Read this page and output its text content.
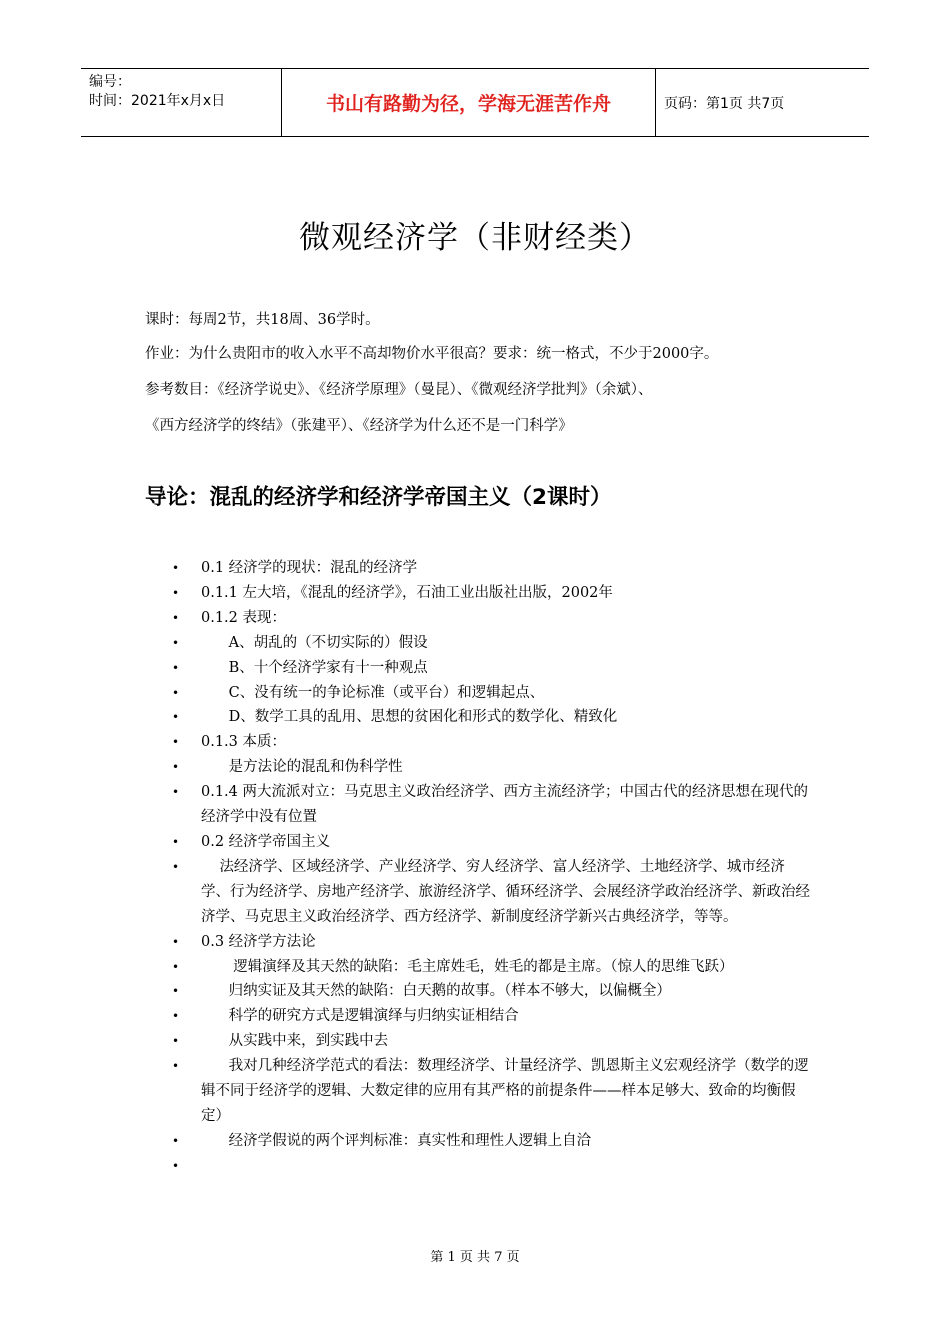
编号：
时间：2021年x月x日	书山有路勤为径，学海无涯苦作舟	页码：第1页 共7页
微观经济学（非财经类）
课时：每周2节，共18周、36学时。
作业：为什么贵阳市的收入水平不高却物价水平很高？要求：统一格式，不少于2000字。
参考数目：《经济学说史》、《经济学原理》（曼昆）、《微观经济学批判》（余斌）、
《西方经济学的终结》（张建平）、《经济学为什么还不是一门科学》
导论：混乱的经济学和经济学帝国主义（2课时）
• 0.1 经济学的现状：混乱的经济学
• 0.1.1 左大培，《混乱的经济学》，石油工业出版社出版，2002年
• 0.1.2 表现：
•       A、胡乱的（不切实际的）假设
•       B、十个经济学家有十一种观点
•       C、没有统一的争论标准（或平台）和逻辑起点、
•       D、数学工具的乱用、思想的贫困化和形式的数学化、精致化
• 0.1.3 本质：
•       是方法论的混乱和伪科学性
• 0.1.4 两大流派对立：马克思主义政治经济学、西方主流经济学；中国古代的经济思想在现代的经济学中没有位置
• 0.2 经济学帝国主义
•     法经济学、区域经济学、产业经济学、穷人经济学、富人经济学、土地经济学、城市经济学、行为经济学、房地产经济学、旅游经济学、循环经济学、会展经济学政治经济学、新政治经济学、马克思主义政治经济学、西方经济学、新制度经济学新兴古典经济学，等等。
• 0.3 经济学方法论
•        逻辑演绎及其天然的缺陷：毛主席姓毛，姓毛的都是主席。（惊人的思维飞跃）
•       归纳实证及其天然的缺陷：白天鹅的故事。（样本不够大，以偏概全）
•       科学的研究方式是逻辑演绎与归纳实证相结合
•       从实践中来，到实践中去
•       我对几种经济学范式的看法：数理经济学、计量经济学、凯恩斯主义宏观经济学（数学的逻辑不同于经济学的逻辑、大数定律的应用有其严格的前提条件——样本足够大、致命的均衡假定）
•       经济学假说的两个评判标准：真实性和理性人逻辑上自洽
•
第 1 页 共 7 页
